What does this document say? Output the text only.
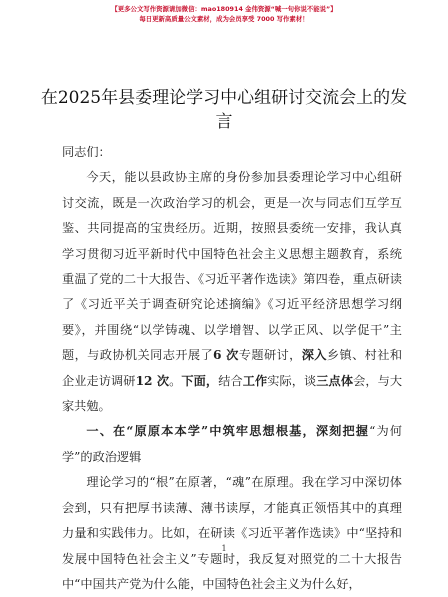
【更多公文写作资源请加微信：mao180914 金伟资源“喊一句你说不能说”】
每日更新高质量公文素材，成为会员享受 7000 写作素材！
在2025年县委理论学习中心组研讨交流会上的发言

同志们：

今天，能以县政协主席的身份参加县委理论学习中心组研讨交流，既是一次政治学习的机会，更是一次与同志们互学互鉴、共同提高的宝贵经历。近期，按照县委统一安排，我认真学习贯彻习近平新时代中国特色社会主义思想主题教育，系统重温了党的二十大报告、《习近平著作选读》第四卷，重点研读了《习近平关于调查研究论述摘编》《习近平经济思想学习纲要》，并围绕“以学铸魂、以学增智、以学正风、以学促干”主题，与政协机关同志开展了6 次专题研讨，深入乡镇、村社和企业走访调研12 次。下面，结合工作实际，谈三点体会，与大家共勉。

一、在“原原本本学”中筑牢思想根基，深刻把握“为何学”的政治逻辑

理论学习的“根”在原著，“魂”在原理。我在学习中深切体会到，只有把厚书读薄、薄书读厚，才能真正领悟其中的真理力量和实践伟力。比如，在研读《习近平著作选读》中“坚持和发展中国特色社会主义”专题时，我反复对照党的二十大报告中“中国共产党为什么能，中国特色社会主义为什么好，

1
